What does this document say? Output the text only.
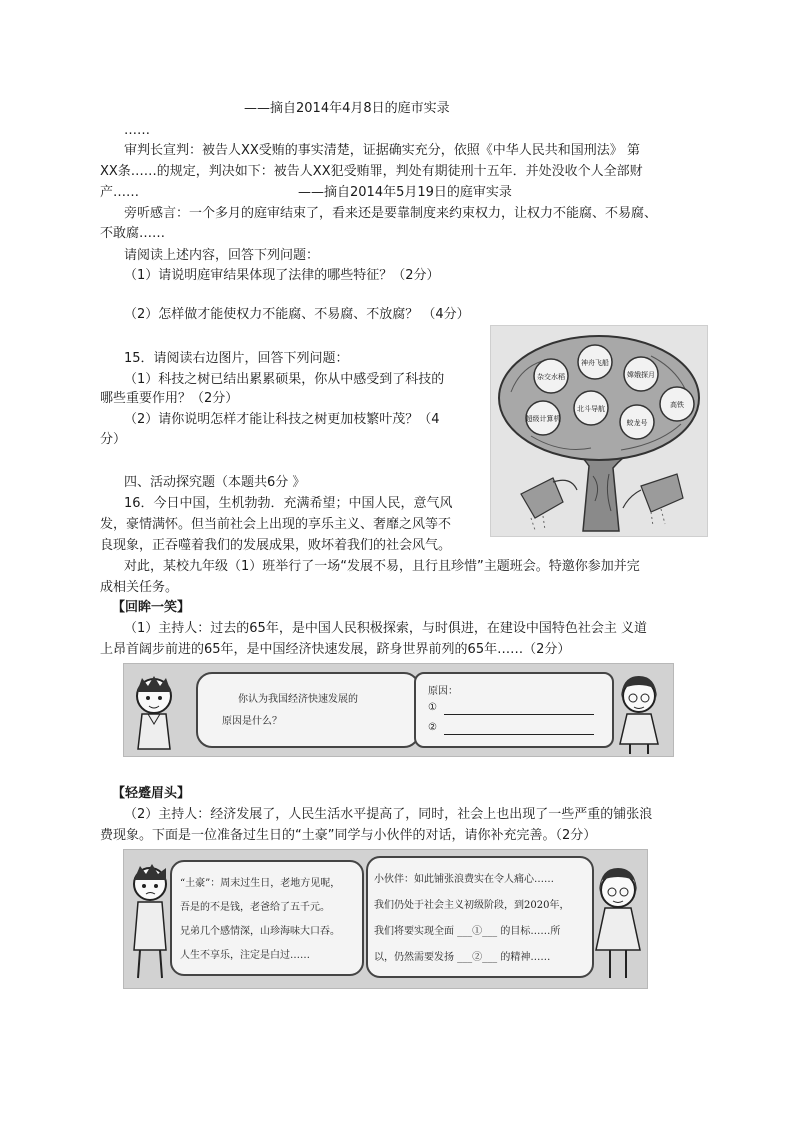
——摘自2014年4月8日的庭市实录
……
审判长宣判：被告人XX受贿的事实清楚，证据确实充分，依照《中华人民共和国刑法》 第
XX条……的规定，判决如下：被告人XX犯受贿罪，判处有期徒刑十五年．并处没收个人全部财
产……	——摘自2014年5月19日的庭审实录
旁听感言：一个多月的庭审结束了，看来还是要靠制度来约束权力，让权力不能腐、不易腐、
不敢腐……
请阅读上述内容，回答下列问题：
（1）请说明庭审结果体现了法律的哪些特征？（2分）
（2）怎样做才能使权力不能腐、不易腐、不放腐？ （4分）
15．请阅读右边图片，回答下列问题：
（1）科技之树已结出累累硕果，你从中感受到了科技的
哪些重要作用？（2分）
（2）请你说明怎样才能让科技之树更加枝繁叶茂？（4
分）
杂交水稻
神舟飞船
嫦娥探月
超级计算机
北斗导航
蛟龙号
高铁
四、活动探究题（本题共6分 》
16．今日中国，生机勃勃．充满希望；中国人民，意气风
发，豪情满怀。但当前社会上出现的享乐主义、奢靡之风等不
良现象，正吞噬着我们的发展成果，败坏着我们的社会风气。
对此，某校九年级（1）班举行了一场“发展不易，且行且珍惜”主题班会。特邀你参加并完
成相关任务。
【回眸一笑】
（1）主持人：过去的65年，是中国人民积极探索，与时俱进，在建设中国特色社会主 义道
上昂首阔步前进的65年，是中国经济快速发展，跻身世界前列的65年……（2分）
你认为我国经济快速发展的
原因是什么？
原因：
①
②
【轻蹙眉头】
（2）主持人：经济发展了，人民生活水平提高了，同时，社会上也出现了一些严重的铺张浪
费现象。下面是一位准备过生日的“土豪”同学与小伙伴的对话，请你补充完善。（2分）
“土豪”：周末过生日，老地方见呢，
吾是的不是钱，老爸给了五千元。
兄弟几个感情深，山珍海味大口吞。
人生不享乐，注定是白过……
小伙伴：如此铺张浪费实在令人痛心……
我们仍处于社会主义初级阶段，到2020年，
我们将要实现全面 ___①___ 的目标……所
以，仍然需要发扬 ___②___ 的精神……
